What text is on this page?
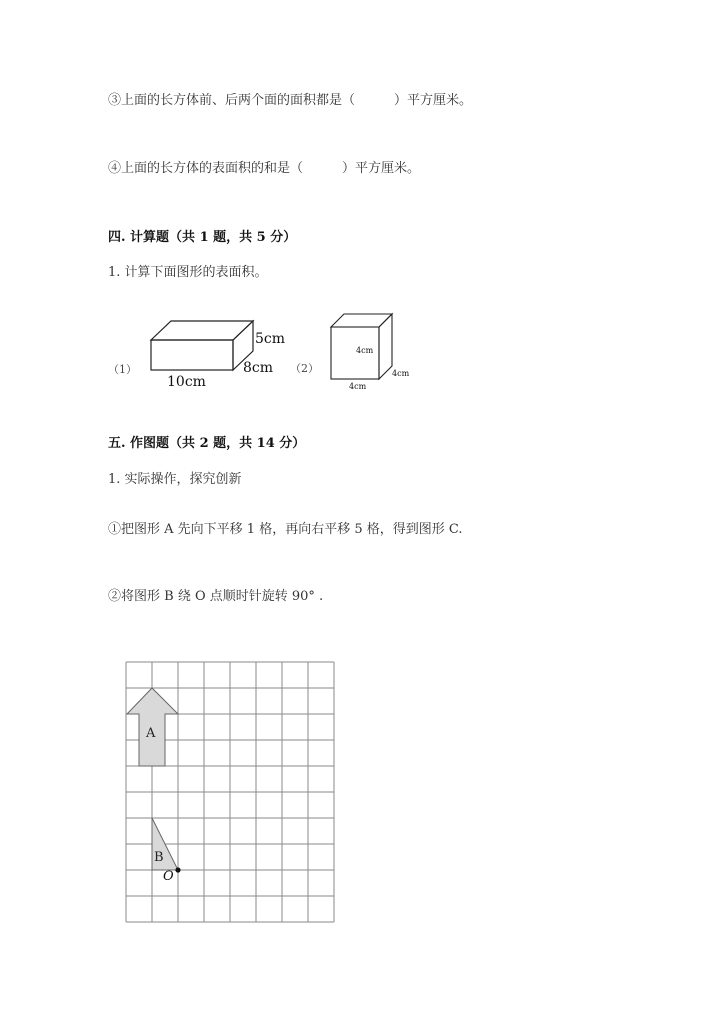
③上面的长方体前、后两个面的面积都是（　　　）平方厘米。
④上面的长方体的表面积的和是（　　　）平方厘米。
四. 计算题（共 1 题，共 5 分）
1. 计算下面图形的表面积。
（1）
5cm
8cm
10cm
（2）
4cm
4cm
4cm
五. 作图题（共 2 题，共 14 分）
1. 实际操作，探究创新
①把图形 A 先向下平移 1 格，再向右平移 5 格，得到图形 C.
②将图形 B 绕 O 点顺时针旋转 90° .
A
B
O
